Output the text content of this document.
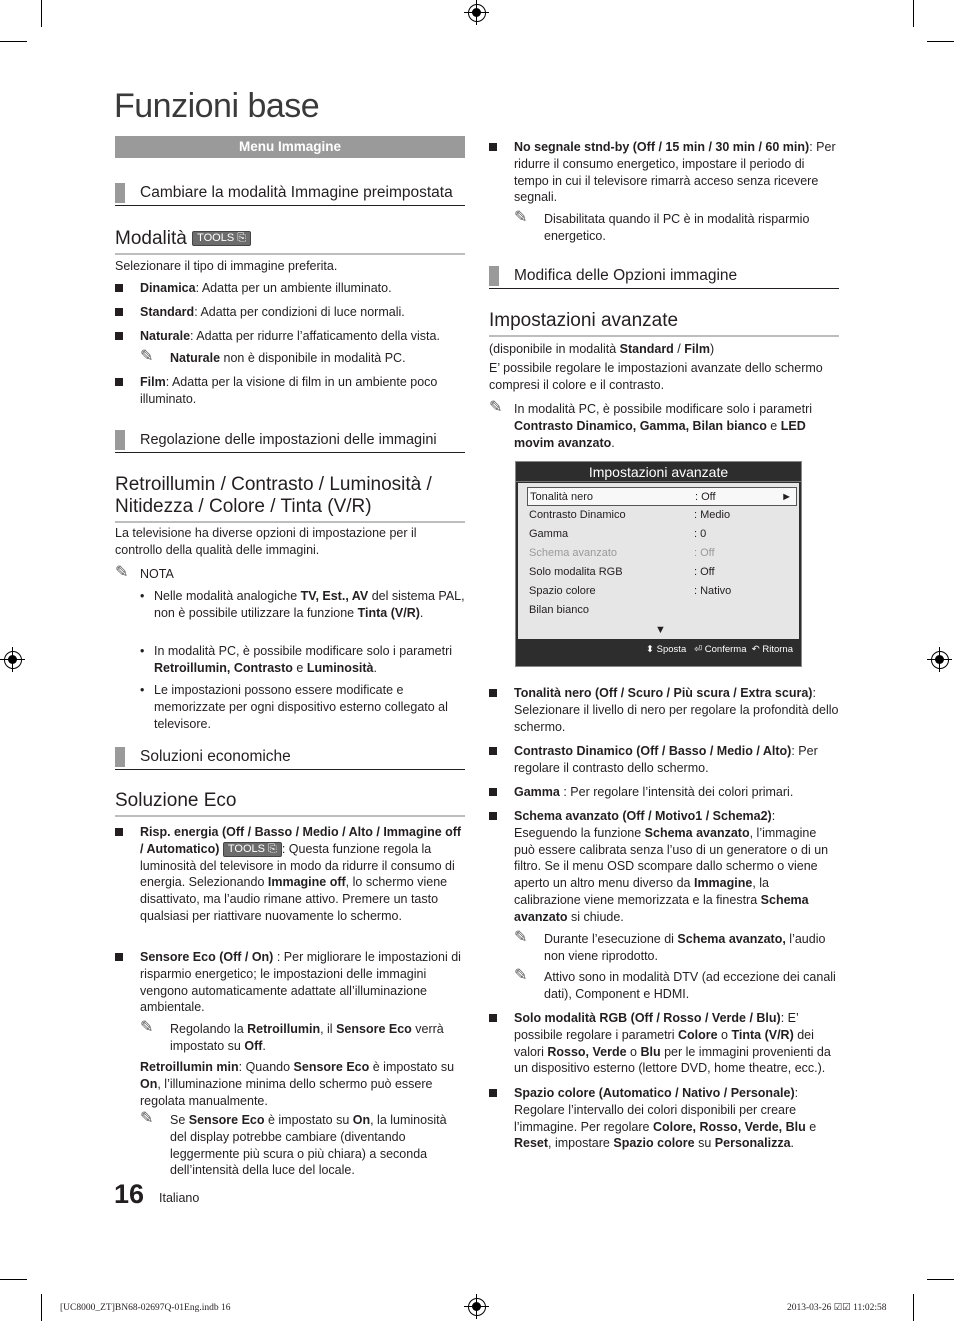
Funzioni base
Menu Immagine
Cambiare la modalità Immagine preimpostata
Modalità TOOLS ⎘
Selezionare il tipo di immagine preferita.
Dinamica: Adatta per un ambiente illuminato.
Standard: Adatta per condizioni di luce normali.
Naturale: Adatta per ridurre l’affaticamento della vista.
✎ Naturale non è disponibile in modalità PC.
Film: Adatta per la visione di film in un ambiente poco illuminato.
Regolazione delle impostazioni delle immagini
Retroillumin / Contrasto / Luminosità / Nitidezza / Colore / Tinta (V/R)
La televisione ha diverse opzioni di impostazione per il controllo della qualità delle immagini.
✎ NOTA
• Nelle modalità analogiche TV, Est., AV del sistema PAL, non è possibile utilizzare la funzione Tinta (V/R).
• In modalità PC, è possibile modificare solo i parametri Retroillumin, Contrasto e Luminosità.
• Le impostazioni possono essere modificate e memorizzate per ogni dispositivo esterno collegato al televisore.
Soluzioni economiche
Soluzione Eco
Risp. energia (Off / Basso / Medio / Alto / Immagine off / Automatico) TOOLS ⎘ : Questa funzione regola la luminosità del televisore in modo da ridurre il consumo di energia. Selezionando Immagine off, lo schermo viene disattivato, ma l’audio rimane attivo. Premere un tasto qualsiasi per riattivare nuovamente lo schermo.
Sensore Eco (Off / On) : Per migliorare le impostazioni di risparmio energetico; le impostazioni delle immagini vengono automaticamente adattate all’illuminazione ambientale.
✎ Regolando la Retroillumin, il Sensore Eco verrà impostato su Off.
Retroillumin min: Quando Sensore Eco è impostato su On, l’illuminazione minima dello schermo può essere regolata manualmente.
✎ Se Sensore Eco è impostato su On, la luminosità del display potrebbe cambiare (diventando leggermente più scura o più chiara) a seconda dell’intensità della luce del locale.
No segnale stnd-by (Off / 15 min / 30 min / 60 min): Per ridurre il consumo energetico, impostare il periodo di tempo in cui il televisore rimarrà acceso senza ricevere segnali.
✎ Disabilitata quando il PC è in modalità risparmio energetico.
Modifica delle Opzioni immagine
Impostazioni avanzate
(disponibile in modalità Standard / Film)
E’ possibile regolare le impostazioni avanzate dello schermo compresi il colore e il contrasto.
✎ In modalità PC, è possibile modificare solo i parametri Contrasto Dinamico, Gamma, Bilan bianco e LED movim avanzato.
Impostazioni avanzate
Tonalità nero	: Off	►
Contrasto Dinamico	: Medio
Gamma	: 0
Schema avanzato	: Off
Solo modalita RGB	: Off
Spazio colore	: Nativo
Bilan bianco
▼
⬍ Sposta ⏎ Conferma ↶ Ritorna
Tonalità nero (Off / Scuro / Più scura / Extra scura): Selezionare il livello di nero per regolare la profondità dello schermo.
Contrasto Dinamico (Off / Basso / Medio / Alto): Per regolare il contrasto dello schermo.
Gamma : Per regolare l’intensità dei colori primari.
Schema avanzato (Off / Motivo1 / Schema2): Eseguendo la funzione Schema avanzato, l’immagine può essere calibrata senza l’uso di un generatore o di un filtro. Se il menu OSD scompare dallo schermo o viene aperto un altro menu diverso da Immagine, la calibrazione viene memorizzata e la finestra Schema avanzato si chiude.
✎ Durante l’esecuzione di Schema avanzato, l’audio non viene riprodotto.
✎ Attivo sono in modalità DTV (ad eccezione dei canali dati), Component e HDMI.
Solo modalità RGB (Off / Rosso / Verde / Blu): E’ possibile regolare i parametri Colore o Tinta (V/R) dei valori Rosso, Verde o Blu per le immagini provenienti da un dispositivo esterno (lettore DVD, home theatre, ecc.).
Spazio colore (Automatico / Nativo / Personale): Regolare l’intervallo dei colori disponibili per creare l’immagine. Per regolare Colore, Rosso, Verde, Blu e Reset, impostare Spazio colore su Personalizza.
16 Italiano
[UC8000_ZT]BN68-02697Q-01Eng.indb 16	2013-03-26 ☑☑ 11:02:58
